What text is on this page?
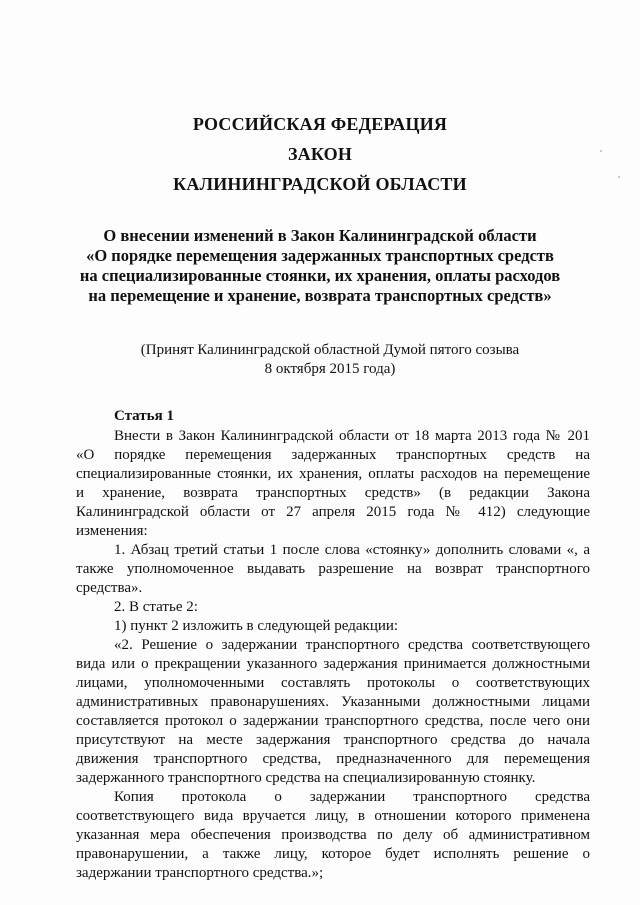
РОССИЙСКАЯ ФЕДЕРАЦИЯ
ЗАКОН
КАЛИНИНГРАДСКОЙ ОБЛАСТИ
О внесении изменений в Закон Калининградской области
«О порядке перемещения задержанных транспортных средств
на специализированные стоянки, их хранения, оплаты расходов
на перемещение и хранение, возврата транспортных средств»
(Принят Калининградской областной Думой пятого созыва
8 октября 2015 года)
Статья 1
Внести в Закон Калининградской области от 18 марта 2013 года № 201
«О порядке перемещения задержанных транспортных средств на
специализированные стоянки, их хранения, оплаты расходов на перемещение
и хранение, возврата транспортных средств» (в редакции Закона
Калининградской области от 27 апреля 2015 года № 412) следующие
изменения:
1. Абзац третий статьи 1 после слова «стоянку» дополнить словами «, а
также уполномоченное выдавать разрешение на возврат транспортного
средства».
2. В статье 2:
1) пункт 2 изложить в следующей редакции:
«2. Решение о задержании транспортного средства соответствующего
вида или о прекращении указанного задержания принимается должностными
лицами, уполномоченными составлять протоколы о соответствующих
административных правонарушениях. Указанными должностными лицами
составляется протокол о задержании транспортного средства, после чего они
присутствуют на месте задержания транспортного средства до начала
движения транспортного средства, предназначенного для перемещения
задержанного транспортного средства на специализированную стоянку.
Копия протокола о задержании транспортного средства
соответствующего вида вручается лицу, в отношении которого применена
указанная мера обеспечения производства по делу об административном
правонарушении, а также лицу, которое будет исполнять решение о
задержании транспортного средства.»;
